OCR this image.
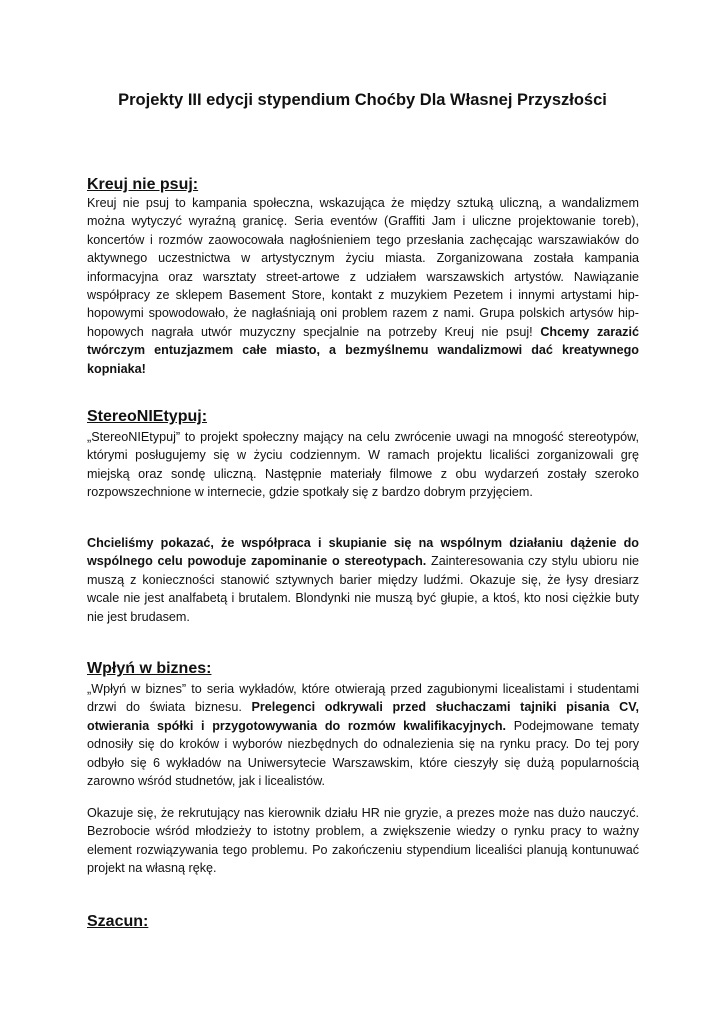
Projekty III edycji stypendium Choćby Dla Własnej Przyszłości
Kreuj nie psuj:

Kreuj nie psuj to kampania społeczna, wskazująca że między sztuką uliczną, a wandalizmem można wytyczyć wyraźną granicę. Seria eventów (Graffiti Jam i uliczne projektowanie toreb), koncertów i rozmów zaowocowała nagłośnieniem tego przesłania zachęcając warszawiaków do aktywnego uczestnictwa w artystycznym życiu miasta. Zorganizowana została kampania informacyjna oraz warsztaty street-artowe z udziałem warszawskich artystów. Nawiązanie współpracy ze sklepem Basement Store, kontakt z muzykiem Pezetem i innymi artystami hip-hopowymi spowodowało, że nagłaśniają oni problem razem z nami. Grupa polskich artysów hip-hopowych nagrała utwór muzyczny specjalnie na potrzeby Kreuj nie psuj! Chcemy zarazić twórczym entuzjazmem całe miasto, a bezmyślnemu wandalizmowi dać kreatywnego kopniaka!

StereoNIEtypuj:

„StereoNIEtypuj” to projekt społeczny mający na celu zwrócenie uwagi na mnogość stereotypów, którymi posługujemy się w życiu codziennym. W ramach projektu licaliści zorganizowali grę miejską oraz sondę uliczną. Następnie materiały filmowe z obu wydarzeń zostały szeroko rozpowszechnione w internecie, gdzie spotkały się z bardzo dobrym przyjęciem.

Chcieliśmy pokazać, że współpraca i skupianie się na wspólnym działaniu dążenie do wspólnego celu powoduje zapominanie o stereotypach. Zainteresowania czy stylu ubioru nie muszą z konieczności stanowić sztywnych barier między ludźmi. Okazuje się, że łysy dresiarz wcale nie jest analfabetą i brutalem. Blondynki nie muszą być głupie, a ktoś, kto nosi ciężkie buty nie jest brudasem.

Wpłyń w biznes:

„Wpłyń w biznes” to seria wykładów, które otwierają przed zagubionymi licealistami i studentami drzwi do świata biznesu. Prelegenci odkrywali przed słuchaczami tajniki pisania CV, otwierania spółki i przygotowywania do rozmów kwalifikacyjnych. Podejmowane tematy odnosiły się do kroków i wyborów niezbędnych do odnalezienia się na rynku pracy. Do tej pory odbyło się 6 wykładów na Uniwersytecie Warszawskim, które cieszyły się dużą popularnością zarowno wśród studnetów, jak i licealistów.

Okazuje się, że rekrutujący nas kierownik działu HR nie gryzie, a prezes może nas dużo nauczyć. Bezrobocie wśród młodzieży to istotny problem, a zwiększenie wiedzy o rynku pracy to ważny element rozwiązywania tego problemu. Po zakończeniu stypendium licealiści planują kontunuwać projekt na własną rękę.

Szacun:
